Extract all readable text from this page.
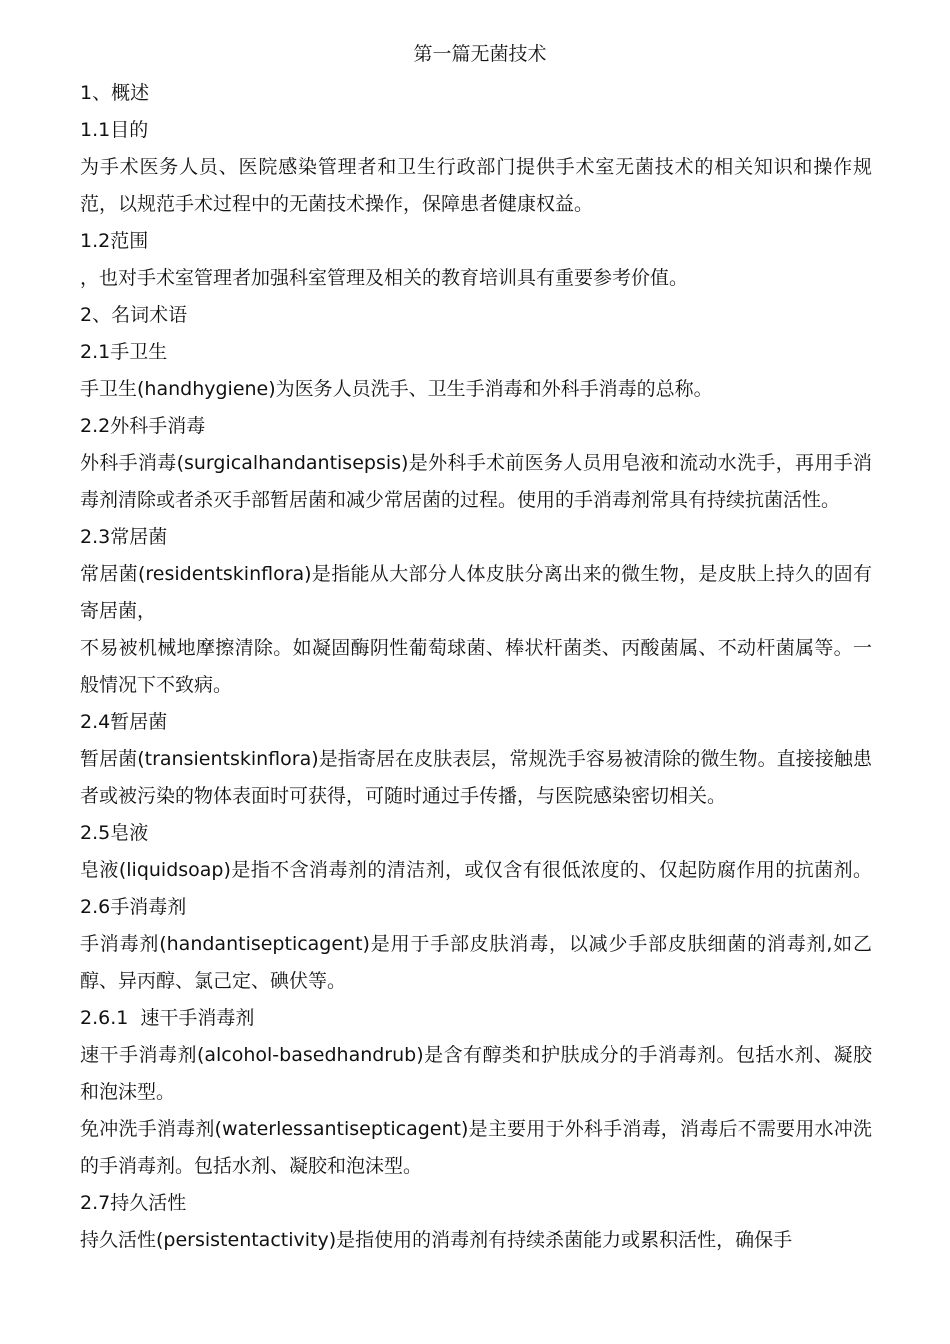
第一篇无菌技术

1、概述

1.1目的

为手术医务人员、医院感染管理者和卫生行政部门提供手术室无菌技术的相关知识和操作规范，以规范手术过程中的无菌技术操作，保障患者健康权益。

1.2范围

，也对手术室管理者加强科室管理及相关的教育培训具有重要参考价值。

2、名词术语

2.1手卫生

手卫生(handhygiene)为医务人员洗手、卫生手消毒和外科手消毒的总称。

2.2外科手消毒

外科手消毒(surgicalhandantisepsis)是外科手术前医务人员用皂液和流动水洗手，再用手消毒剂清除或者杀灭手部暂居菌和减少常居菌的过程。使用的手消毒剂常具有持续抗菌活性。

2.3常居菌

常居菌(residentskinflora)是指能从大部分人体皮肤分离出来的微生物，是皮肤上持久的固有寄居菌，

不易被机械地摩擦清除。如凝固酶阴性葡萄球菌、棒状杆菌类、丙酸菌属、不动杆菌属等。一般情况下不致病。

2.4暂居菌

暂居菌(transientskinflora)是指寄居在皮肤表层，常规洗手容易被清除的微生物。直接接触患者或被污染的物体表面时可获得，可随时通过手传播，与医院感染密切相关。

2.5皂液

皂液(liquidsoap)是指不含消毒剂的清洁剂，或仅含有很低浓度的、仅起防腐作用的抗菌剂。2.6手消毒剂

手消毒剂(handantisepticagent)是用于手部皮肤消毒，以减少手部皮肤细菌的消毒剂,如乙醇、异丙醇、氯己定、碘伏等。

2.6.1  速干手消毒剂

速干手消毒剂(alcohol-basedhandrub)是含有醇类和护肤成分的手消毒剂。包括水剂、凝胶和泡沫型。

免冲洗手消毒剂(waterlessantisepticagent)是主要用于外科手消毒，消毒后不需要用水冲洗的手消毒剂。包括水剂、凝胶和泡沫型。

2.7持久活性

持久活性(persistentactivity)是指使用的消毒剂有持续杀菌能力或累积活性，确保手
